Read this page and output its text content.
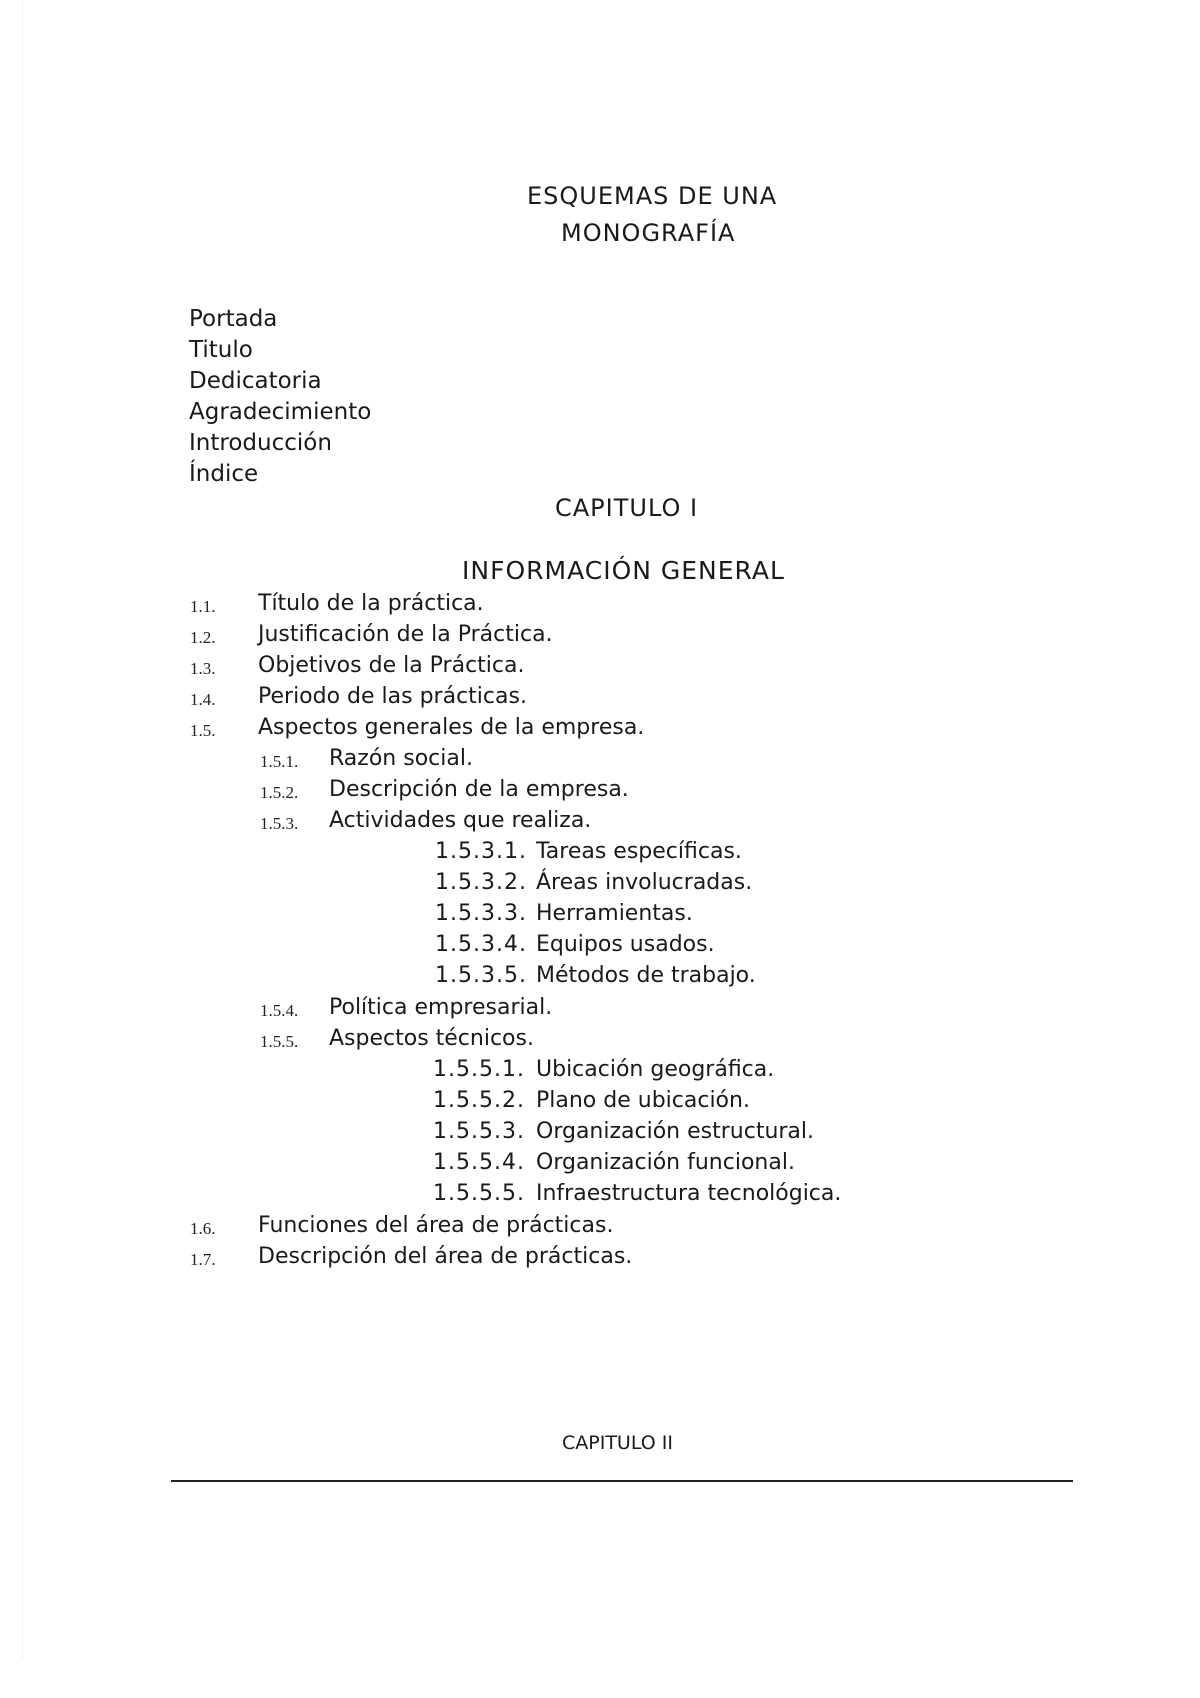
ESQUEMAS DE UNA
MONOGRAFÍA
Portada
Titulo
Dedicatoria
Agradecimiento
Introducción
Índice
CAPITULO I
INFORMACIÓN GENERAL
1.1. Título de la práctica.
1.2. Justificación de la Práctica.
1.3. Objetivos de la Práctica.
1.4. Periodo de las prácticas.
1.5. Aspectos generales de la empresa.
1.5.1. Razón social.
1.5.2. Descripción de la empresa.
1.5.3. Actividades que realiza.
1.5.3.1. Tareas específicas.
1.5.3.2. Áreas involucradas.
1.5.3.3. Herramientas.
1.5.3.4. Equipos usados.
1.5.3.5. Métodos de trabajo.
1.5.4. Política empresarial.
1.5.5. Aspectos técnicos.
1.5.5.1. Ubicación geográfica.
1.5.5.2. Plano de ubicación.
1.5.5.3. Organización estructural.
1.5.5.4. Organización funcional.
1.5.5.5. Infraestructura tecnológica.
1.6. Funciones del área de prácticas.
1.7. Descripción del área de prácticas.
CAPITULO II
